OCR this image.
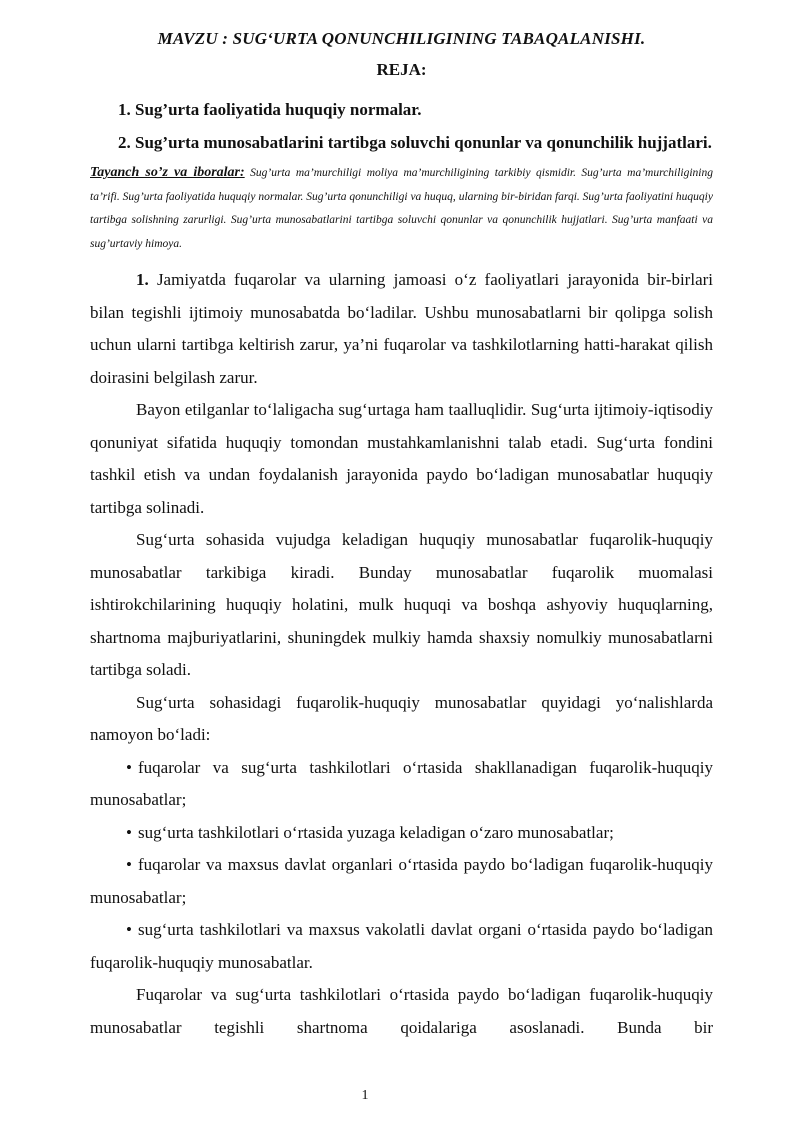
MAVZU : SUG‘URTA QONUNCHILIGINING TABAQALANISHI.

REJA:

1. Sug’urta faoliyatida huquqiy normalar.

2. Sug’urta munosabatlarini tartibga soluvchi qonunlar va qonunchilik hujjatlari.

Tayanch so’z va iboralar: Sug’urta ma’murchiligi moliya ma’murchiligining tarkibiy qismidir. Sug’urta ma’murchiligining ta’rifi. Sug’urta faoliyatida huquqiy normalar. Sug’urta qonunchiligi va huquq, ularning bir-biridan farqi. Sug’urta faoliyatini huquqiy tartibga solishning zarurligi. Sug’urta munosabatlarini tartibga soluvchi qonunlar va qonunchilik hujjatlari. Sug’urta manfaati va sug’urtaviy himoya.

1. Jamiyatda fuqarolar va ularning jamoasi o‘z faoliyatlari jarayonida bir-birlari bilan tegishli ijtimoiy munosabatda bo‘ladilar. Ushbu munosabatlarni bir qolipga solish uchun ularni tartibga keltirish zarur, ya’ni fuqarolar va tashkilotlarning hatti-harakat qilish doirasini belgilash zarur.

Bayon etilganlar to‘laligacha sug‘urtaga ham taalluqlidir. Sug‘urta ijtimoiy-iqtisodiy qonuniyat sifatida huquqiy tomondan mustahkamlanishni talab etadi. Sug‘urta fondini tashkil etish va undan foydalanish jarayonida paydo bo‘ladigan munosabatlar huquqiy tartibga solinadi.

Sug‘urta sohasida vujudga keladigan huquqiy munosabatlar fuqarolik-huquqiy munosabatlar tarkibiga kiradi. Bunday munosabatlar fuqarolik muomalasi ishtirokchilarining huquqiy holatini, mulk huquqi va boshqa ashyoviy huquqlarning, shartnoma majburiyatlarini, shuningdek mulkiy hamda shaxsiy nomulkiy munosabatlarni tartibga soladi.

Sug‘urta sohasidagi fuqarolik-huquqiy munosabatlar quyidagi yo‘nalishlarda namoyon bo‘ladi:

• fuqarolar va sug‘urta tashkilotlari o‘rtasida shakllanadigan fuqarolik-huquqiy munosabatlar;

• sug‘urta tashkilotlari o‘rtasida yuzaga keladigan o‘zaro munosabatlar;

• fuqarolar va maxsus davlat organlari o‘rtasida paydo bo‘ladigan fuqarolik-huquqiy munosabatlar;

• sug‘urta tashkilotlari va maxsus vakolatli davlat organi o‘rtasida paydo bo‘ladigan fuqarolik-huquqiy munosabatlar.

Fuqarolar va sug‘urta tashkilotlari o‘rtasida paydo bo‘ladigan fuqarolik-huquqiy munosabatlar tegishli shartnoma qoidalariga asoslanadi. Bunda bir

1
